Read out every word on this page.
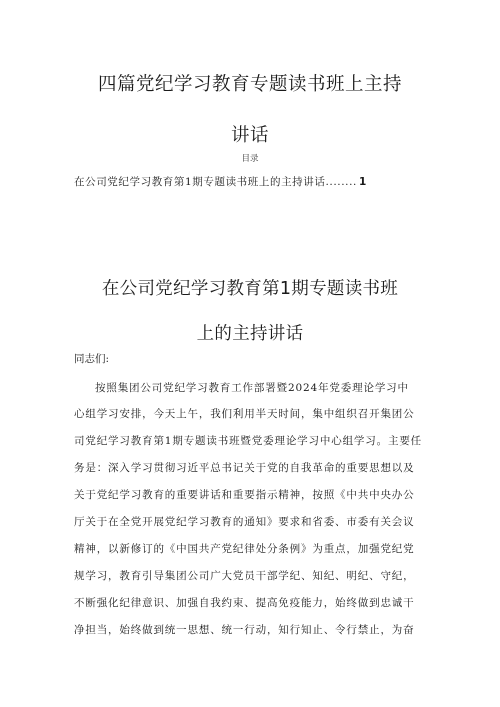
四篇党纪学习教育专题读书班上主持
讲话
目录
在公司党纪学习教育第1期专题读书班上的主持讲话........ 1
在公司党纪学习教育第1期专题读书班
上的主持讲话
同志们:
按照集团公司党纪学习教育工作部署暨2024年党委理论学习中
心组学习安排，今天上午，我们利用半天时间，集中组织召开集团公
司党纪学习教育第1期专题读书班暨党委理论学习中心组学习。主要任
务是：深入学习贯彻习近平总书记关于党的自我革命的重要思想以及
关于党纪学习教育的重要讲话和重要指示精神，按照《中共中央办公
厅关于在全党开展党纪学习教育的通知》要求和省委、市委有关会议
精神，以新修订的《中国共产党纪律处分条例》为重点，加强党纪党
规学习，教育引导集团公司广大党员干部学纪、知纪、明纪、守纪，
不断强化纪律意识、加强自我约束、提高免疫能力，始终做到忠诚干
净担当，始终做到统一思想、统一行动，知行知止、令行禁止，为奋
